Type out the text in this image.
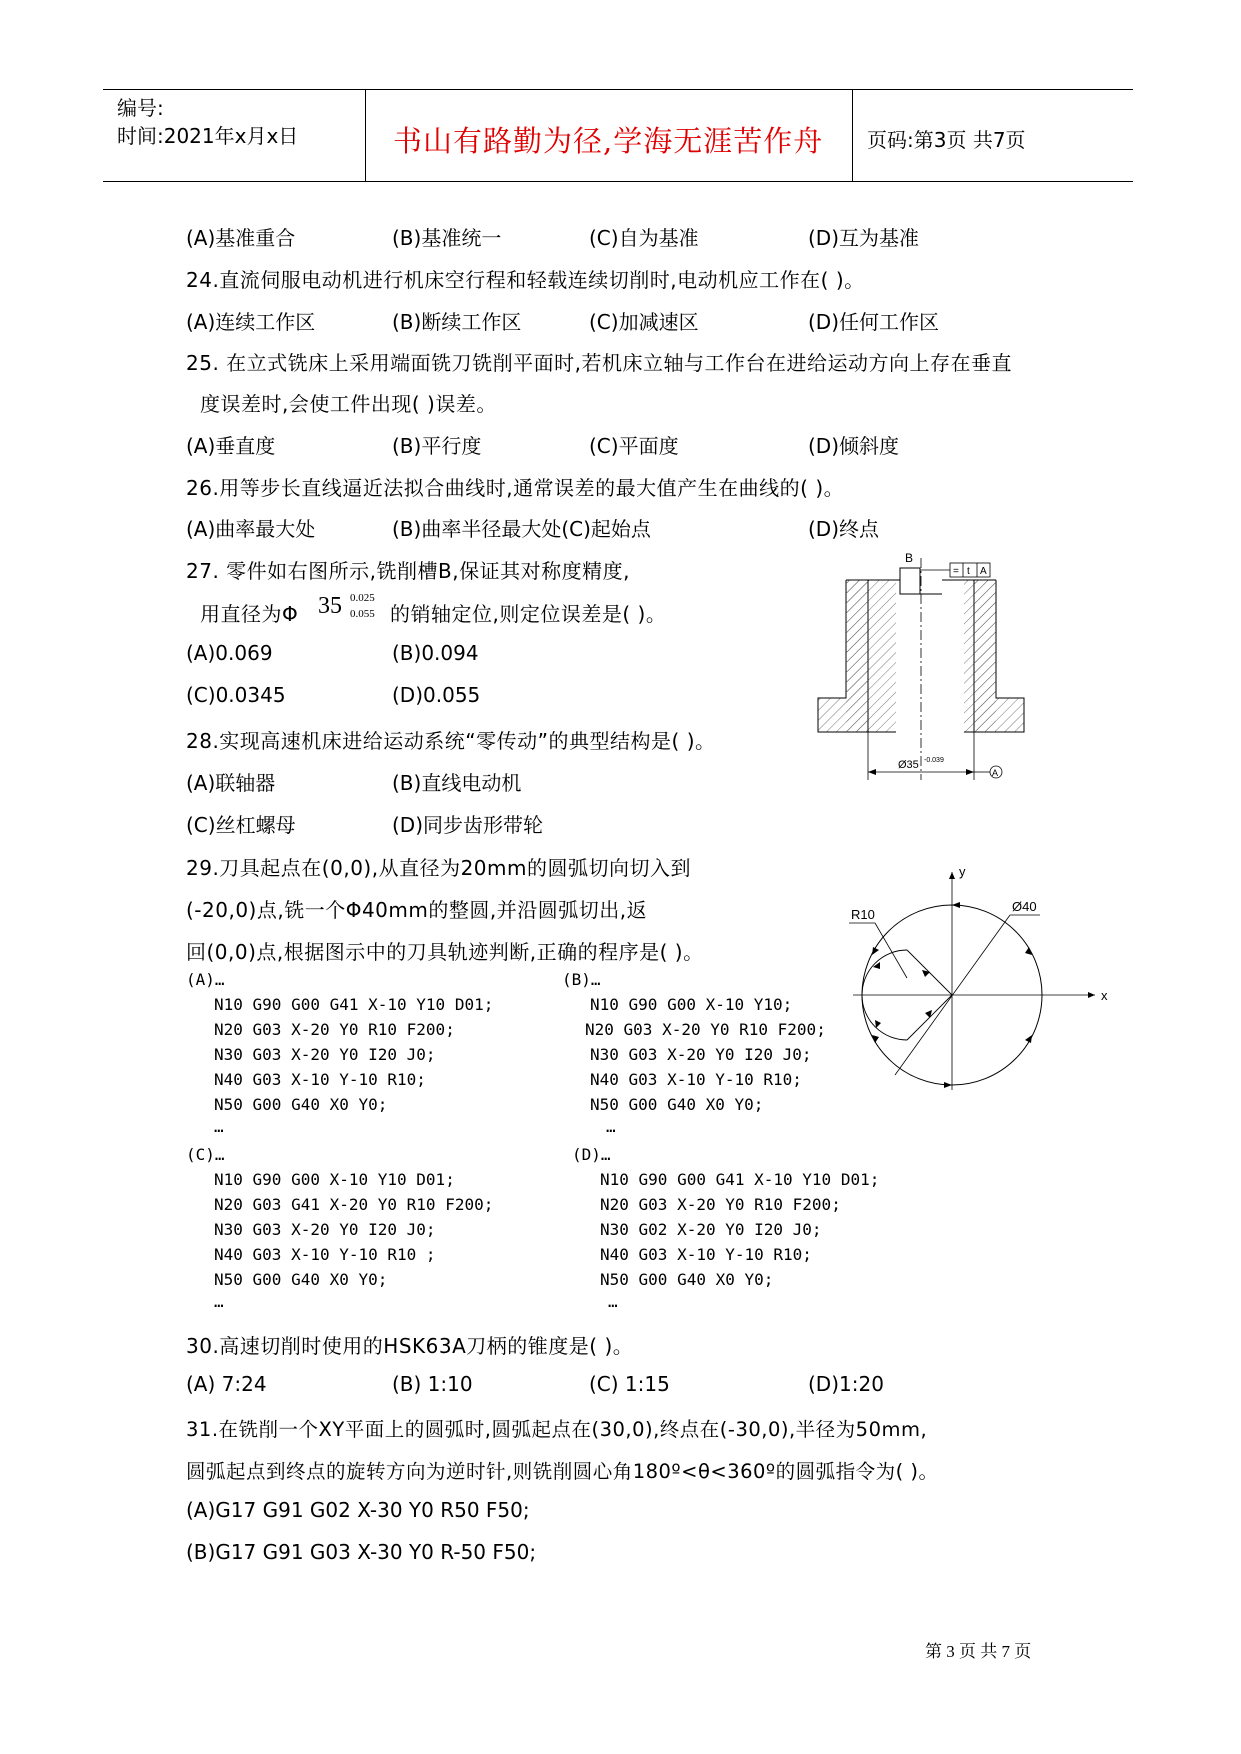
编号:
时间:2021年x月x日	书山有路勤为径,学海无涯苦作舟 页码:第3页 共7页
(A)基准重合	(B)基准统一	(C)自为基准	(D)互为基准
24.直流伺服电动机进行机床空行程和轻载连续切削时,电动机应工作在( )。
(A)连续工作区	(B)断续工作区	(C)加减速区	(D)任何工作区
25. 在立式铣床上采用端面铣刀铣削平面时,若机床立轴与工作台在进给运动方向上存在垂直
度误差时,会使工件出现( )误差。
(A)垂直度	(B)平行度	(C)平面度	(D)倾斜度
26.用等步长直线逼近法拟合曲线时,通常误差的最大值产生在曲线的( )。
(A)曲率最大处	(B)曲率半径最大处(C)起始点	(D)终点
27. 零件如右图所示,铣削槽B,保证其对称度精度,
用直径为Φ 35 0.025
0.055 的销轴定位,则定位误差是( )。
(A)0.069	(B)0.094
(C)0.0345	(D)0.055
B
= t A
Ø35 -0.039
A
28.实现高速机床进给运动系统“零传动”的典型结构是( )。
(A)联轴器	(B)直线电动机
(C)丝杠螺母	(D)同步齿形带轮
29.刀具起点在(0,0),从直径为20mm的圆弧切向切入到
(-20,0)点,铣一个Φ40mm的整圆,并沿圆弧切出,返
回(0,0)点,根据图示中的刀具轨迹判断,正确的程序是( )。
(A)…
N10 G90 G00 G41 X-10 Y10 D01;
N20 G03 X-20 Y0 R10 F200;
N30 G03 X-20 Y0 I20 J0;
N40 G03 X-10 Y-10 R10;
N50 G00 G40 X0 Y0;
…
(B)…
N10 G90 G00 X-10 Y10;
N20 G03 X-20 Y0 R10 F200;
N30 G03 X-20 Y0 I20 J0;
N40 G03 X-10 Y-10 R10;
N50 G00 G40 X0 Y0;
…
(C)…
N10 G90 G00 X-10 Y10 D01;
N20 G03 G41 X-20 Y0 R10 F200;
N30 G03 X-20 Y0 I20 J0;
N40 G03 X-10 Y-10 R10 ;
N50 G00 G40 X0 Y0;
…
(D)…
N10 G90 G00 G41 X-10 Y10 D01;
N20 G03 X-20 Y0 R10 F200;
N30 G02 X-20 Y0 I20 J0;
N40 G03 X-10 Y-10 R10;
N50 G00 G40 X0 Y0;
…
x
y
Ø40
R10
30.高速切削时使用的HSK63A刀柄的锥度是( )。
(A) 7:24	(B) 1:10	(C) 1:15	(D)1:20
31.在铣削一个XY平面上的圆弧时,圆弧起点在(30,0),终点在(-30,0),半径为50mm,
圆弧起点到终点的旋转方向为逆时针,则铣削圆心角180º<θ<360º的圆弧指令为( )。
(A)G17 G91 G02 X-30 Y0 R50 F50;
(B)G17 G91 G03 X-30 Y0 R-50 F50;
第 3 页 共 7 页
